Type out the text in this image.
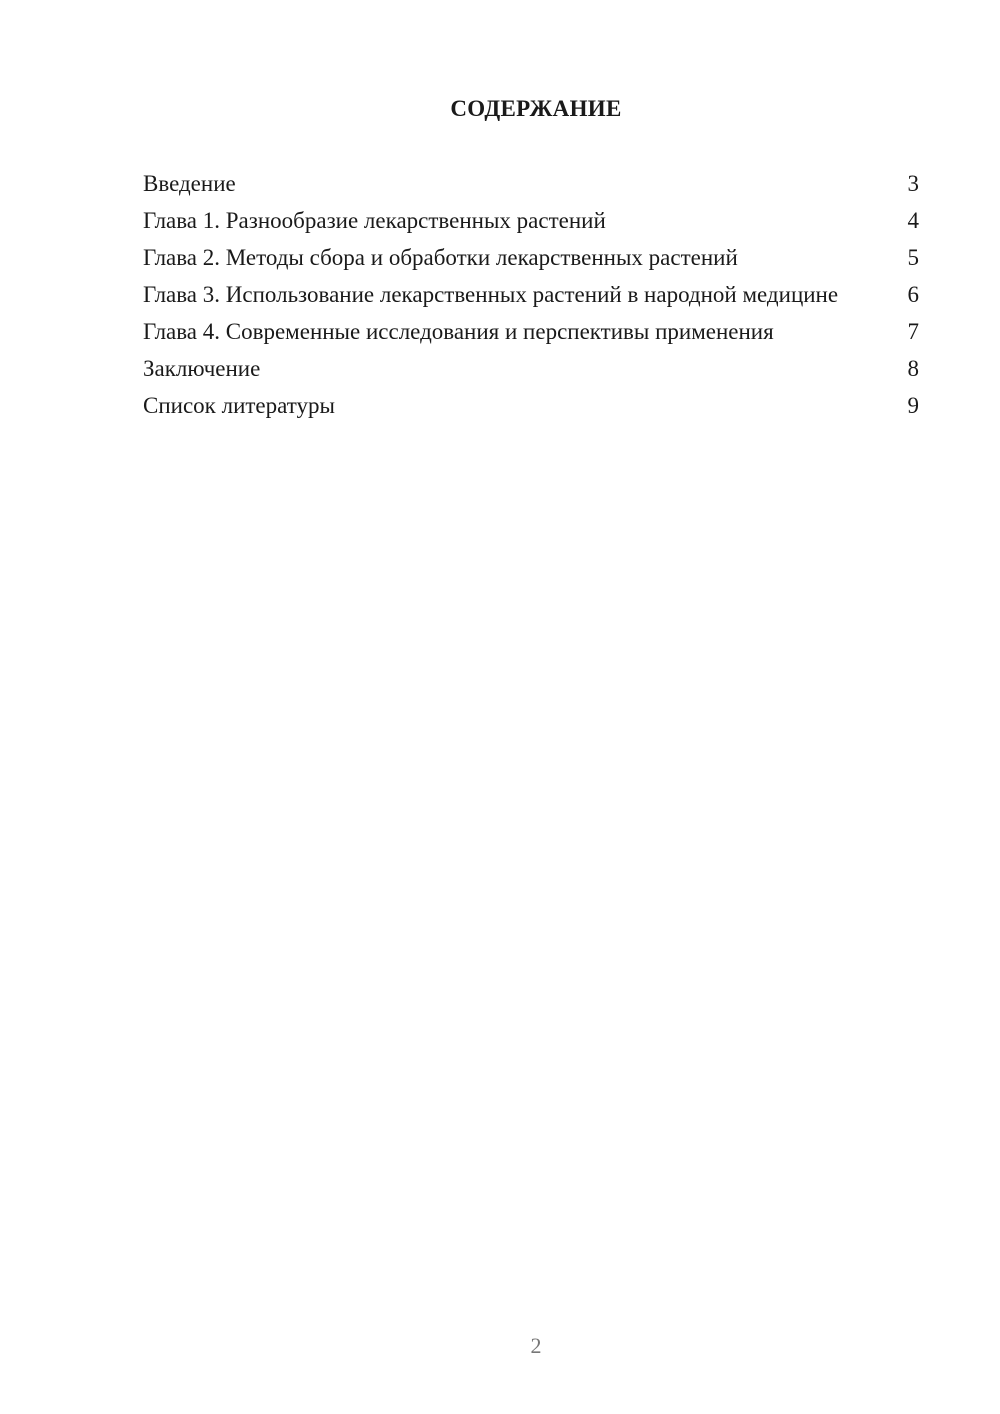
СОДЕРЖАНИЕ
Введение	3
Глава 1. Разнообразие лекарственных растений	4
Глава 2. Методы сбора и обработки лекарственных растений	5
Глава 3. Использование лекарственных растений в народной медицине	6
Глава 4. Современные исследования и перспективы применения	7
Заключение	8
Список литературы	9
2
